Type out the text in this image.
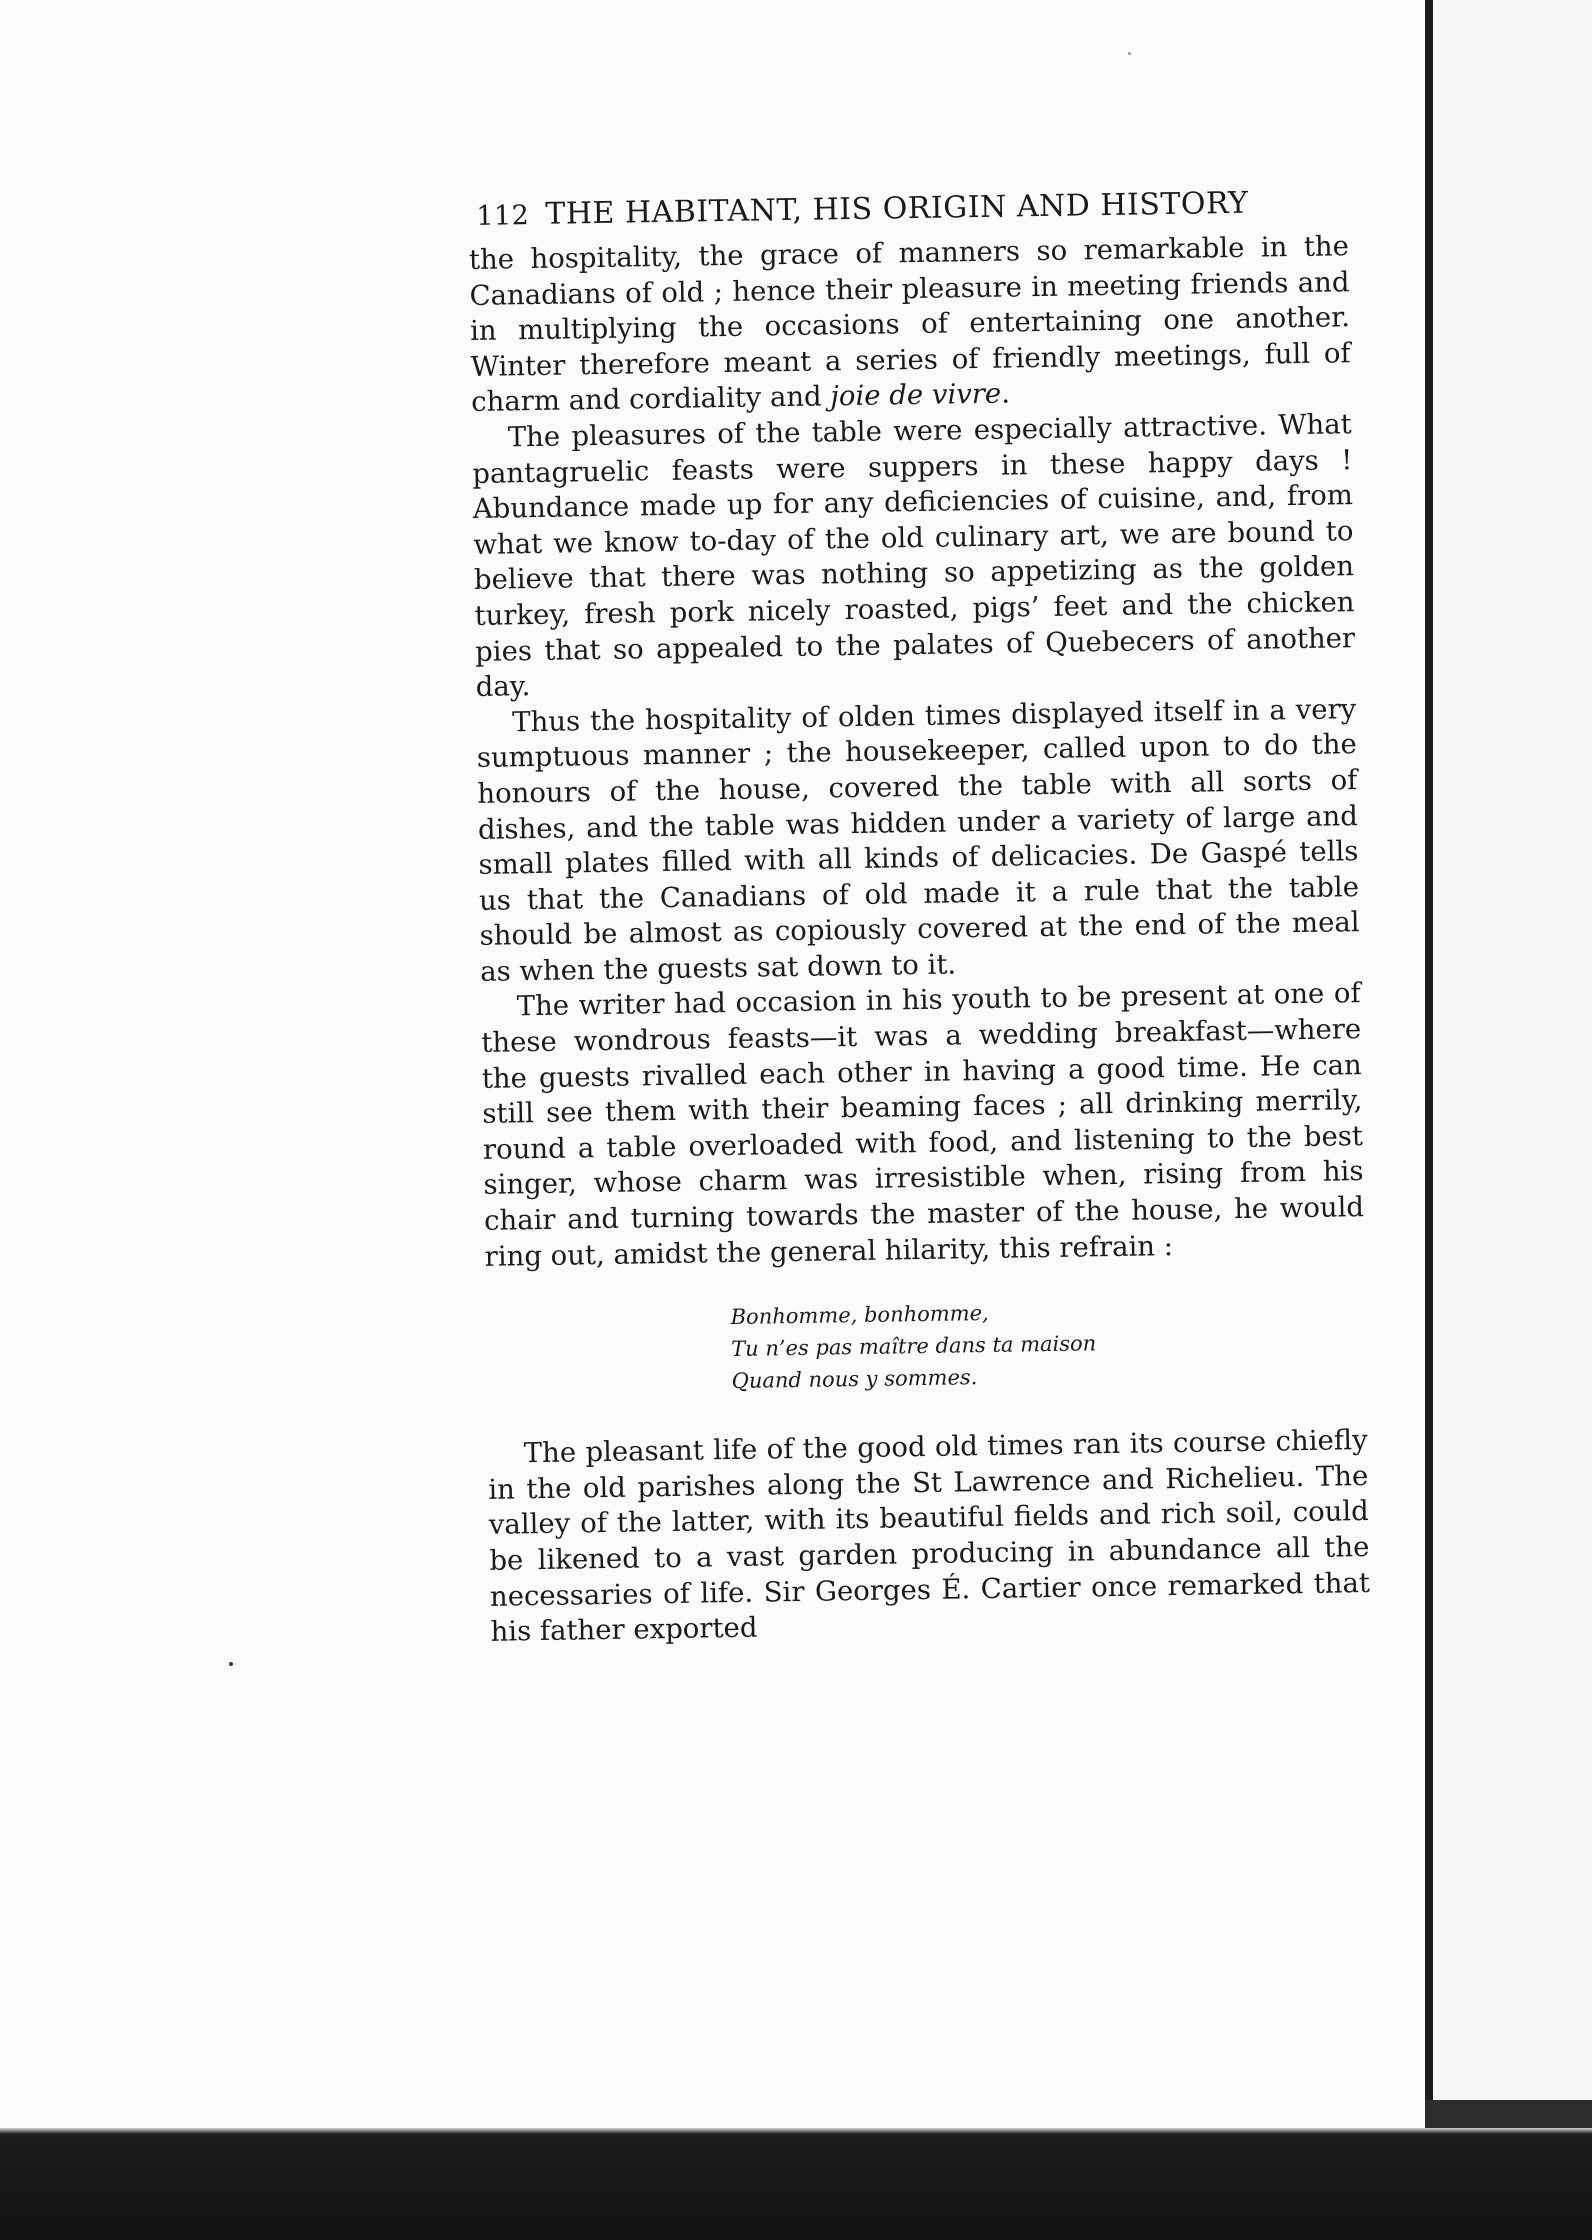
112 THE HABITANT, HIS ORIGIN AND HISTORY

the hospitality, the grace of manners so remarkable in the Canadians of old ; hence their pleasure in meeting friends and in multiplying the occasions of entertaining one another. Winter therefore meant a series of friendly meetings, full of charm and cordiality and joie de vivre.

The pleasures of the table were especially attractive. What pantagruelic feasts were suppers in these happy days ! Abundance made up for any deficiencies of cuisine, and, from what we know to-day of the old culinary art, we are bound to believe that there was nothing so appetizing as the golden turkey, fresh pork nicely roasted, pigs’ feet and the chicken pies that so appealed to the palates of Quebecers of another day.

Thus the hospitality of olden times displayed itself in a very sumptuous manner ; the housekeeper, called upon to do the honours of the house, covered the table with all sorts of dishes, and the table was hidden under a variety of large and small plates filled with all kinds of delicacies. De Gaspé tells us that the Canadians of old made it a rule that the table should be almost as copiously covered at the end of the meal as when the guests sat down to it.

The writer had occasion in his youth to be present at one of these wondrous feasts—it was a wedding breakfast—where the guests rivalled each other in having a good time. He can still see them with their beaming faces ; all drinking merrily, round a table overloaded with food, and listening to the best singer, whose charm was irresistible when, rising from his chair and turning towards the master of the house, he would ring out, amidst the general hilarity, this refrain :

Bonhomme, bonhomme,
Tu n’es pas maître dans ta maison
Quand nous y sommes.

The pleasant life of the good old times ran its course chiefly in the old parishes along the St Lawrence and Richelieu. The valley of the latter, with its beautiful fields and rich soil, could be likened to a vast garden producing in abundance all the necessaries of life. Sir Georges É. Cartier once remarked that his father exported
